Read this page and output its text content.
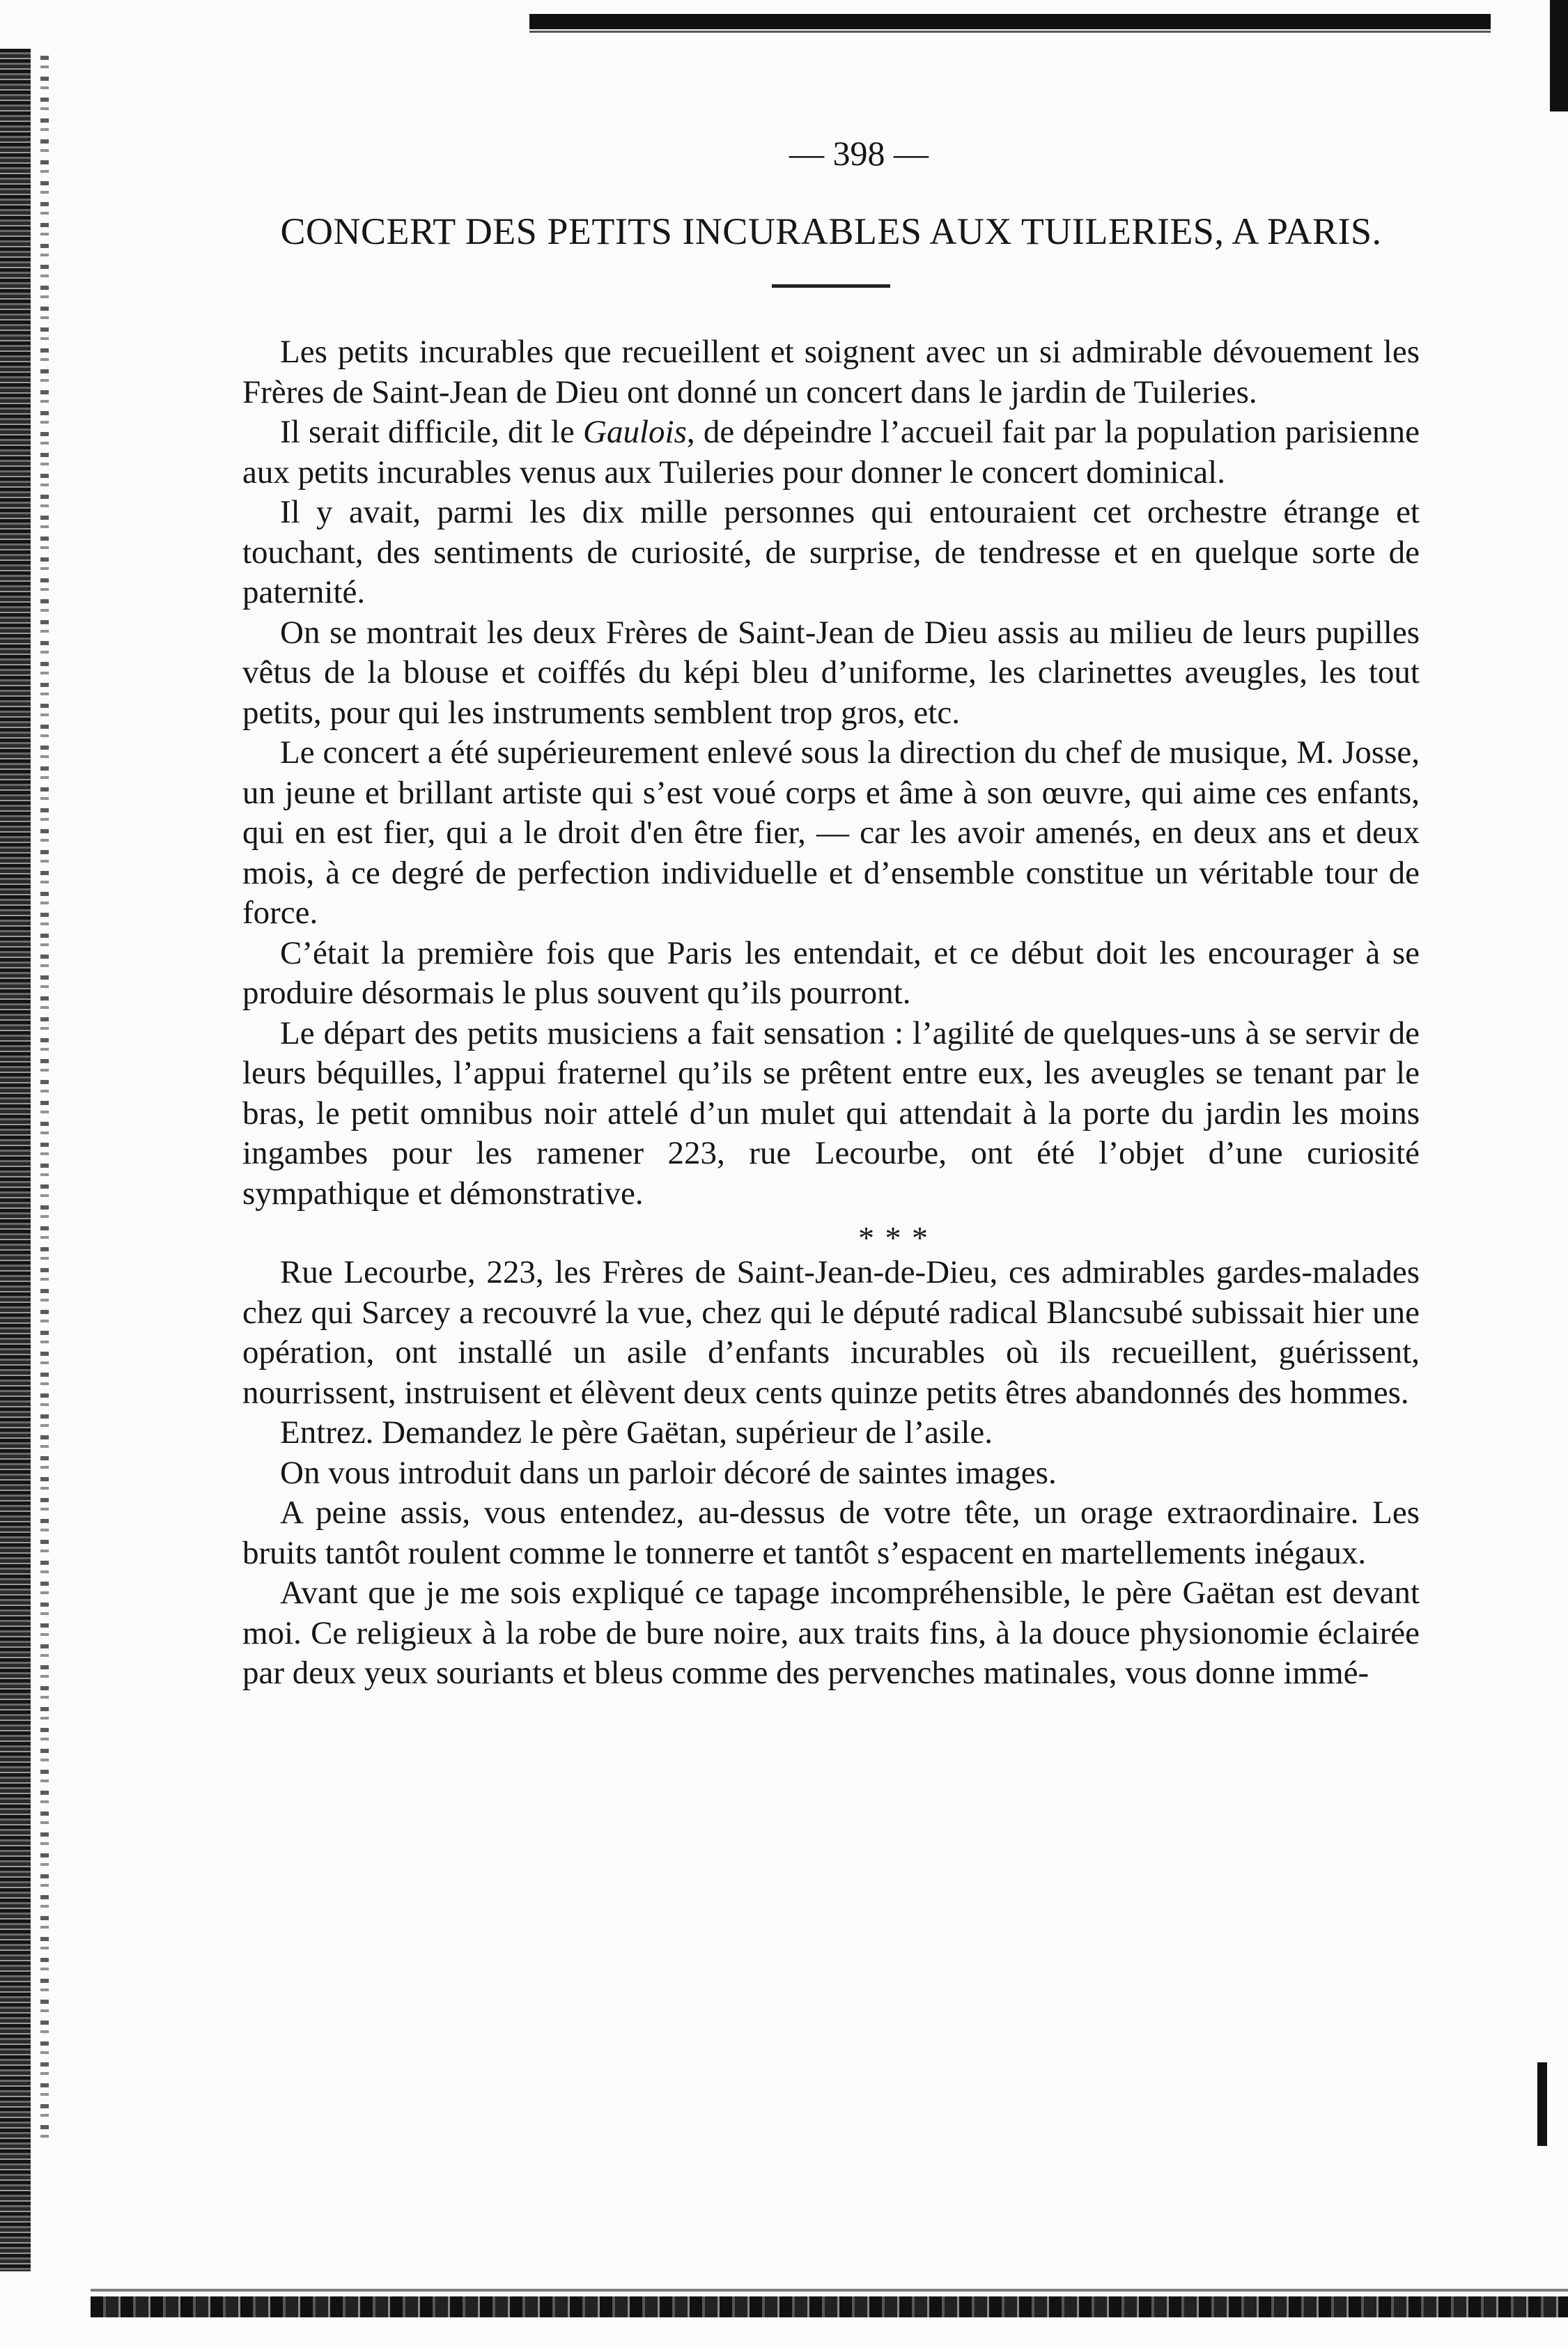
— 398 —
CONCERT DES PETITS INCURABLES AUX TUILERIES, A PARIS.

Les petits incurables que recueillent et soignent avec un si admirable dévouement les Frères de Saint-Jean de Dieu ont donné un concert dans le jardin de Tuileries.

Il serait difficile, dit le Gaulois, de dépeindre l’accueil fait par la population parisienne aux petits incurables venus aux Tuileries pour donner le concert dominical.

Il y avait, parmi les dix mille personnes qui entouraient cet orchestre étrange et touchant, des sentiments de curiosité, de surprise, de tendresse et en quelque sorte de paternité.

On se montrait les deux Frères de Saint-Jean de Dieu assis au milieu de leurs pupilles vêtus de la blouse et coiffés du képi bleu d’uniforme, les clarinettes aveugles, les tout petits, pour qui les instruments semblent trop gros, etc.

Le concert a été supérieurement enlevé sous la direction du chef de musique, M. Josse, un jeune et brillant artiste qui s’est voué corps et âme à son œuvre, qui aime ces enfants, qui en est fier, qui a le droit d'en être fier, — car les avoir amenés, en deux ans et deux mois, à ce degré de perfection individuelle et d’ensemble constitue un véritable tour de force.

C’était la première fois que Paris les entendait, et ce début doit les encourager à se produire désormais le plus souvent qu’ils pourront.

Le départ des petits musiciens a fait sensation : l’agilité de quelques-uns à se servir de leurs béquilles, l’appui fraternel qu’ils se prêtent entre eux, les aveugles se tenant par le bras, le petit omnibus noir attelé d’un mulet qui attendait à la porte du jardin les moins ingambes pour les ramener 223, rue Lecourbe, ont été l’objet d’une curiosité sympathique et démonstrative.

* * *

Rue Lecourbe, 223, les Frères de Saint-Jean-de-Dieu, ces admirables gardes-malades chez qui Sarcey a recouvré la vue, chez qui le député radical Blancsubé subissait hier une opération, ont installé un asile d’enfants incurables où ils recueillent, guérissent, nourrissent, instruisent et élèvent deux cents quinze petits êtres abandonnés des hommes.

Entrez. Demandez le père Gaëtan, supérieur de l’asile.

On vous introduit dans un parloir décoré de saintes images.

A peine assis, vous entendez, au-dessus de votre tête, un orage extraordinaire. Les bruits tantôt roulent comme le tonnerre et tantôt s’espacent en martellements inégaux.

Avant que je me sois expliqué ce tapage incompréhensible, le père Gaëtan est devant moi. Ce religieux à la robe de bure noire, aux traits fins, à la douce physionomie éclairée par deux yeux souriants et bleus comme des pervenches matinales, vous donne immé-
